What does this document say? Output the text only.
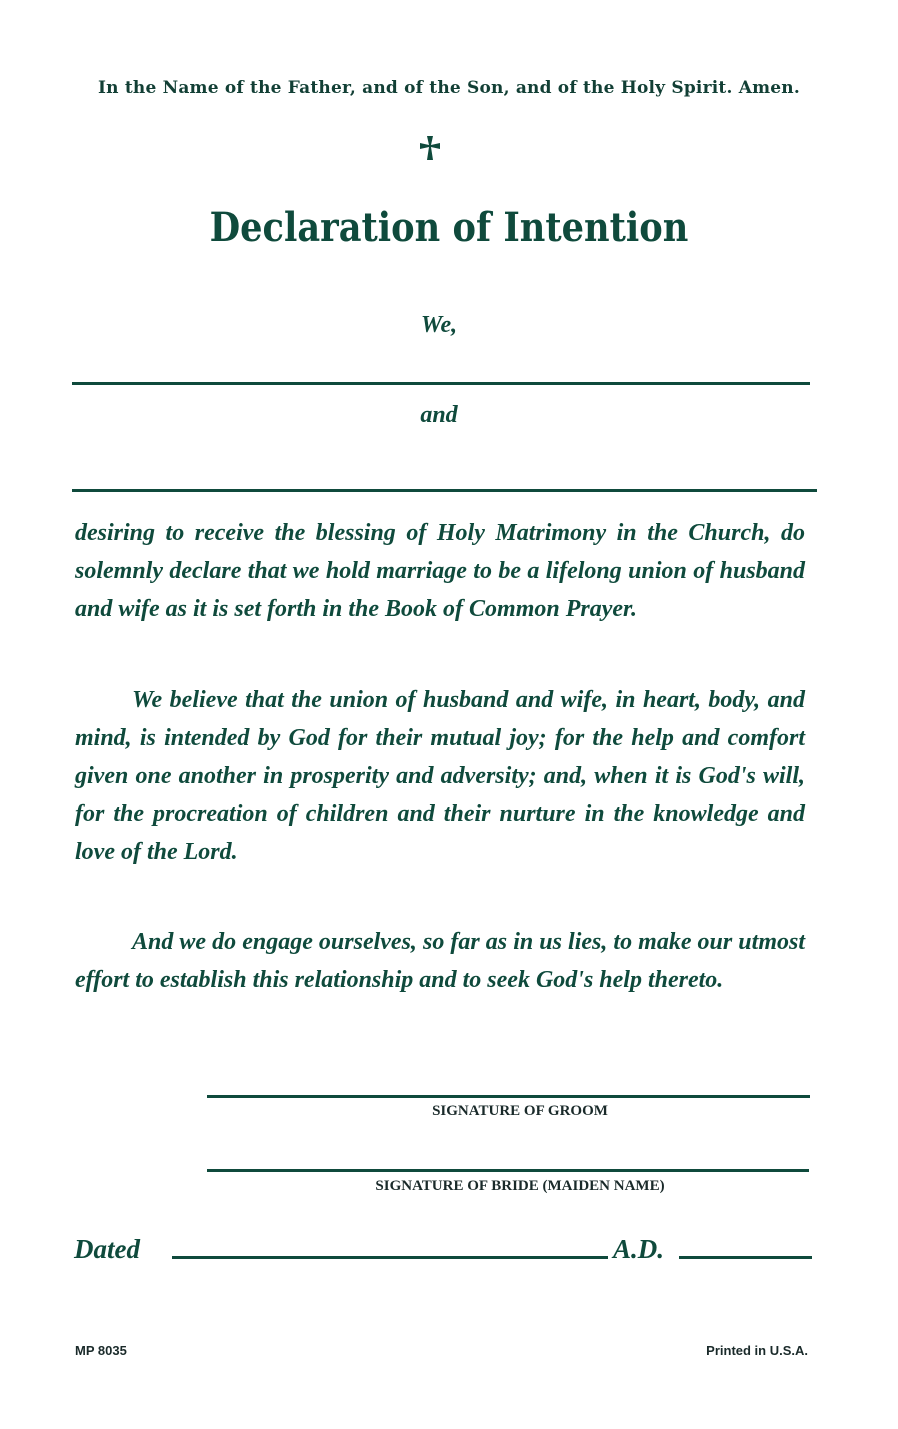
In the Name of the Father, and of the Son, and of the Holy Spirit. Amen.
Declaration of Intention
We,
and
desiring to receive the blessing of Holy Matrimony in the Church, do solemnly declare that we hold marriage to be a lifelong union of husband and wife as it is set forth in the Book of Common Prayer.
We believe that the union of husband and wife, in heart, body, and mind, is intended by God for their mutual joy; for the help and comfort given one another in prosperity and adversity; and, when it is God's will, for the procreation of children and their nurture in the knowledge and love of the Lord.
And we do engage ourselves, so far as in us lies, to make our utmost effort to establish this relationship and to seek God's help thereto.
SIGNATURE OF GROOM
SIGNATURE OF BRIDE (MAIDEN NAME)
Dated	A.D.
MP 8035	Printed in U.S.A.
